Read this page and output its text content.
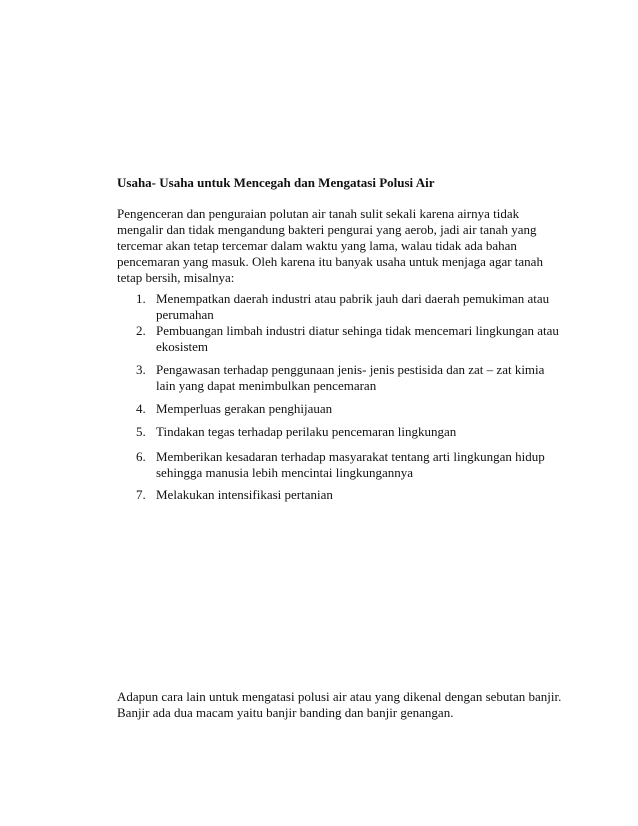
Usaha- Usaha untuk Mencegah dan Mengatasi Polusi Air
Pengenceran dan penguraian polutan air tanah sulit sekali karena airnya tidak
mengalir dan tidak mengandung bakteri pengurai yang aerob, jadi air tanah yang
tercemar akan tetap tercemar dalam waktu yang lama, walau tidak ada bahan
pencemaran yang masuk. Oleh karena itu banyak usaha untuk menjaga agar tanah
tetap bersih, misalnya:
1. Menempatkan daerah industri atau pabrik jauh dari daerah pemukiman atau
perumahan
2. Pembuangan limbah industri diatur sehinga tidak mencemari lingkungan atau
ekosistem
3. Pengawasan terhadap penggunaan jenis- jenis pestisida dan zat – zat kimia
lain yang dapat menimbulkan pencemaran
4. Memperluas gerakan penghijauan
5. Tindakan tegas terhadap perilaku pencemaran lingkungan
6. Memberikan kesadaran terhadap masyarakat tentang arti lingkungan hidup
sehingga manusia lebih mencintai lingkungannya
7. Melakukan intensifikasi pertanian
Adapun cara lain untuk mengatasi polusi air atau yang dikenal dengan sebutan banjir.
Banjir ada dua macam yaitu banjir banding dan banjir genangan.
